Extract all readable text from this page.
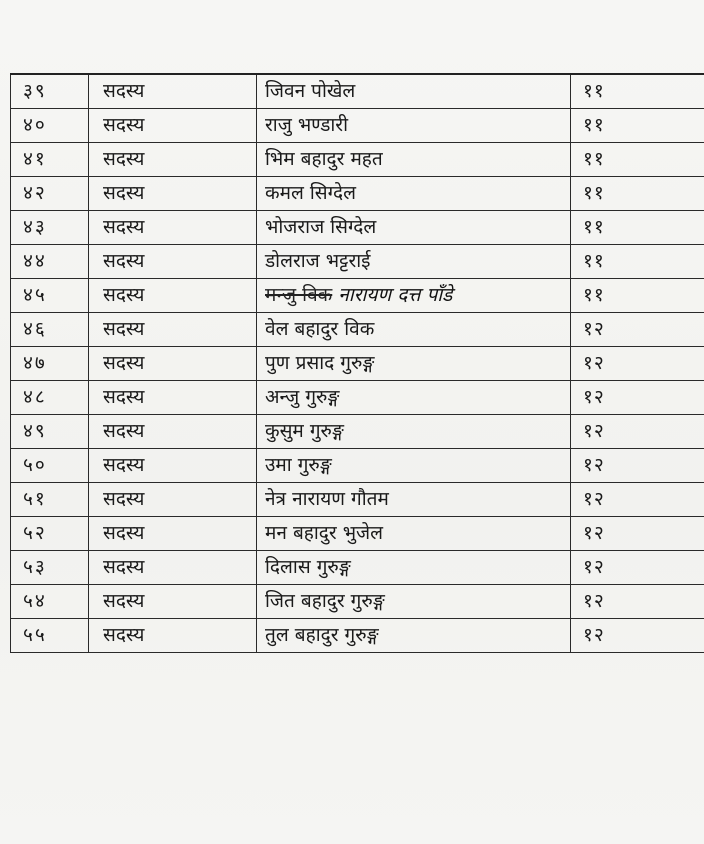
३९	सदस्य	जिवन पोखेल	११
४०	सदस्य	राजु भण्डारी	११
४१	सदस्य	भिम बहादुर महत	११
४२	सदस्य	कमल सिग्देल	११
४३	सदस्य	भोजराज सिग्देल	११
४४	सदस्य	डोलराज भट्टराई	११
४५	सदस्य	मन्जु विक नारायण दत्त पाँडे	११
४६	सदस्य	वेल बहादुर विक	१२
४७	सदस्य	पुण प्रसाद गुरुङ्ग	१२
४८	सदस्य	अन्जु गुरुङ्ग	१२
४९	सदस्य	कुसुम गुरुङ्ग	१२
५०	सदस्य	उमा गुरुङ्ग	१२
५१	सदस्य	नेत्र नारायण गौतम	१२
५२	सदस्य	मन बहादुर भुजेल	१२
५३	सदस्य	दिलास गुरुङ्ग	१२
५४	सदस्य	जित बहादुर गुरुङ्ग	१२
५५	सदस्य	तुल बहादुर गुरुङ्ग	१२
